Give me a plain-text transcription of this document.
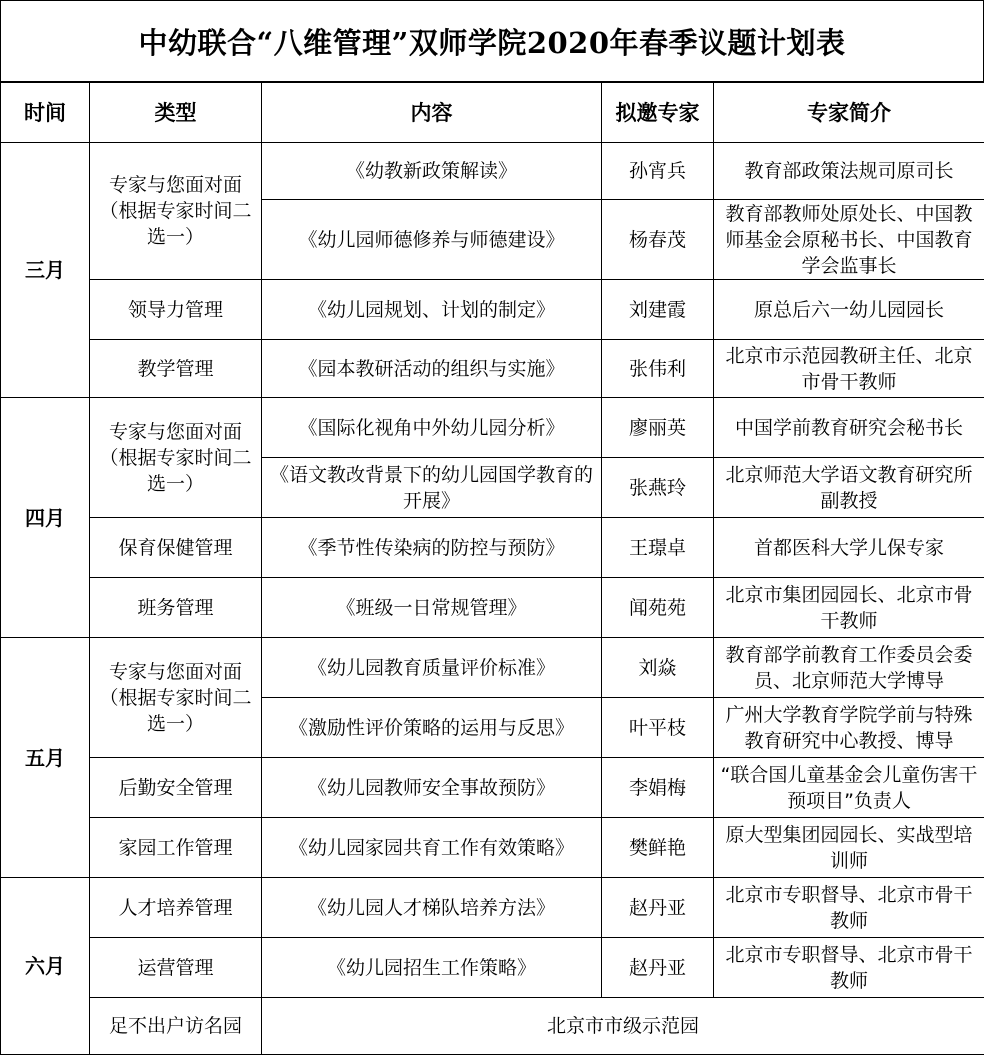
中幼联合“八维管理”双师学院2020年春季议题计划表
时间	类型	内容	拟邀专家	专家简介
三月	专家与您面对面（根据专家时间二选一）	《幼教新政策解读》	孙宵兵	教育部政策法规司原司长
		《幼儿园师德修养与师德建设》	杨春茂	教育部教师处原处长、中国教师基金会原秘书长、中国教育学会监事长
	领导力管理	《幼儿园规划、计划的制定》	刘建霞	原总后六一幼儿园园长
	教学管理	《园本教研活动的组织与实施》	张伟利	北京市示范园教研主任、北京市骨干教师
四月	专家与您面对面（根据专家时间二选一）	《国际化视角中外幼儿园分析》	廖丽英	中国学前教育研究会秘书长
		《语文教改背景下的幼儿园国学教育的开展》	张燕玲	北京师范大学语文教育研究所副教授
	保育保健管理	《季节性传染病的防控与预防》	王璟卓	首都医科大学儿保专家
	班务管理	《班级一日常规管理》	闻苑苑	北京市集团园园长、北京市骨干教师
五月	专家与您面对面（根据专家时间二选一）	《幼儿园教育质量评价标准》	刘焱	教育部学前教育工作委员会委员、北京师范大学博导
		《激励性评价策略的运用与反思》	叶平枝	广州大学教育学院学前与特殊教育研究中心教授、博导
	后勤安全管理	《幼儿园教师安全事故预防》	李娟梅	“联合国儿童基金会儿童伤害干预项目”负责人
	家园工作管理	《幼儿园家园共育工作有效策略》	樊鲜艳	原大型集团园园长、实战型培训师
六月	人才培养管理	《幼儿园人才梯队培养方法》	赵丹亚	北京市专职督导、北京市骨干教师
	运营管理	《幼儿园招生工作策略》	赵丹亚	北京市专职督导、北京市骨干教师
	足不出户访名园	北京市市级示范园		
